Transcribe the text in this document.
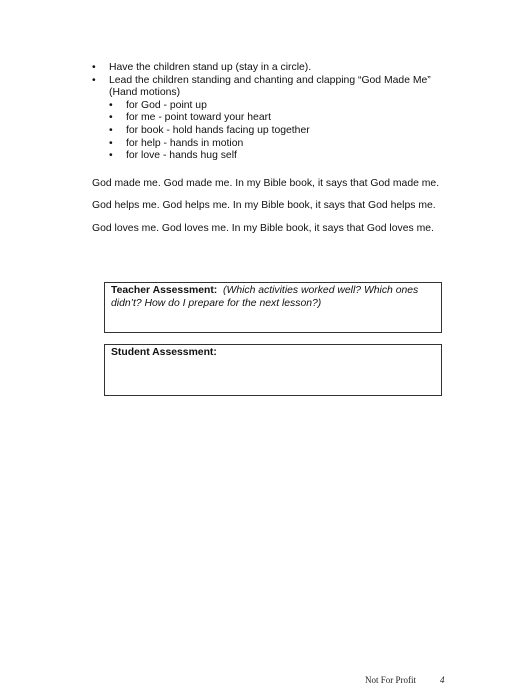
• Have the children stand up (stay in a circle).
• Lead the children standing and chanting and clapping “God Made Me”
(Hand motions)
• for God - point up
• for me - point toward your heart
• for book - hold hands facing up together
• for help - hands in motion
• for love - hands hug self

God made me. God made me. In my Bible book, it says that God made me.

God helps me. God helps me. In my Bible book, it says that God helps me.

God loves me. God loves me. In my Bible book, it says that God loves me.

Teacher Assessment: (Which activities worked well? Which ones
didn’t? How do I prepare for the next lesson?)
Student Assessment:
Not For Profit	4
